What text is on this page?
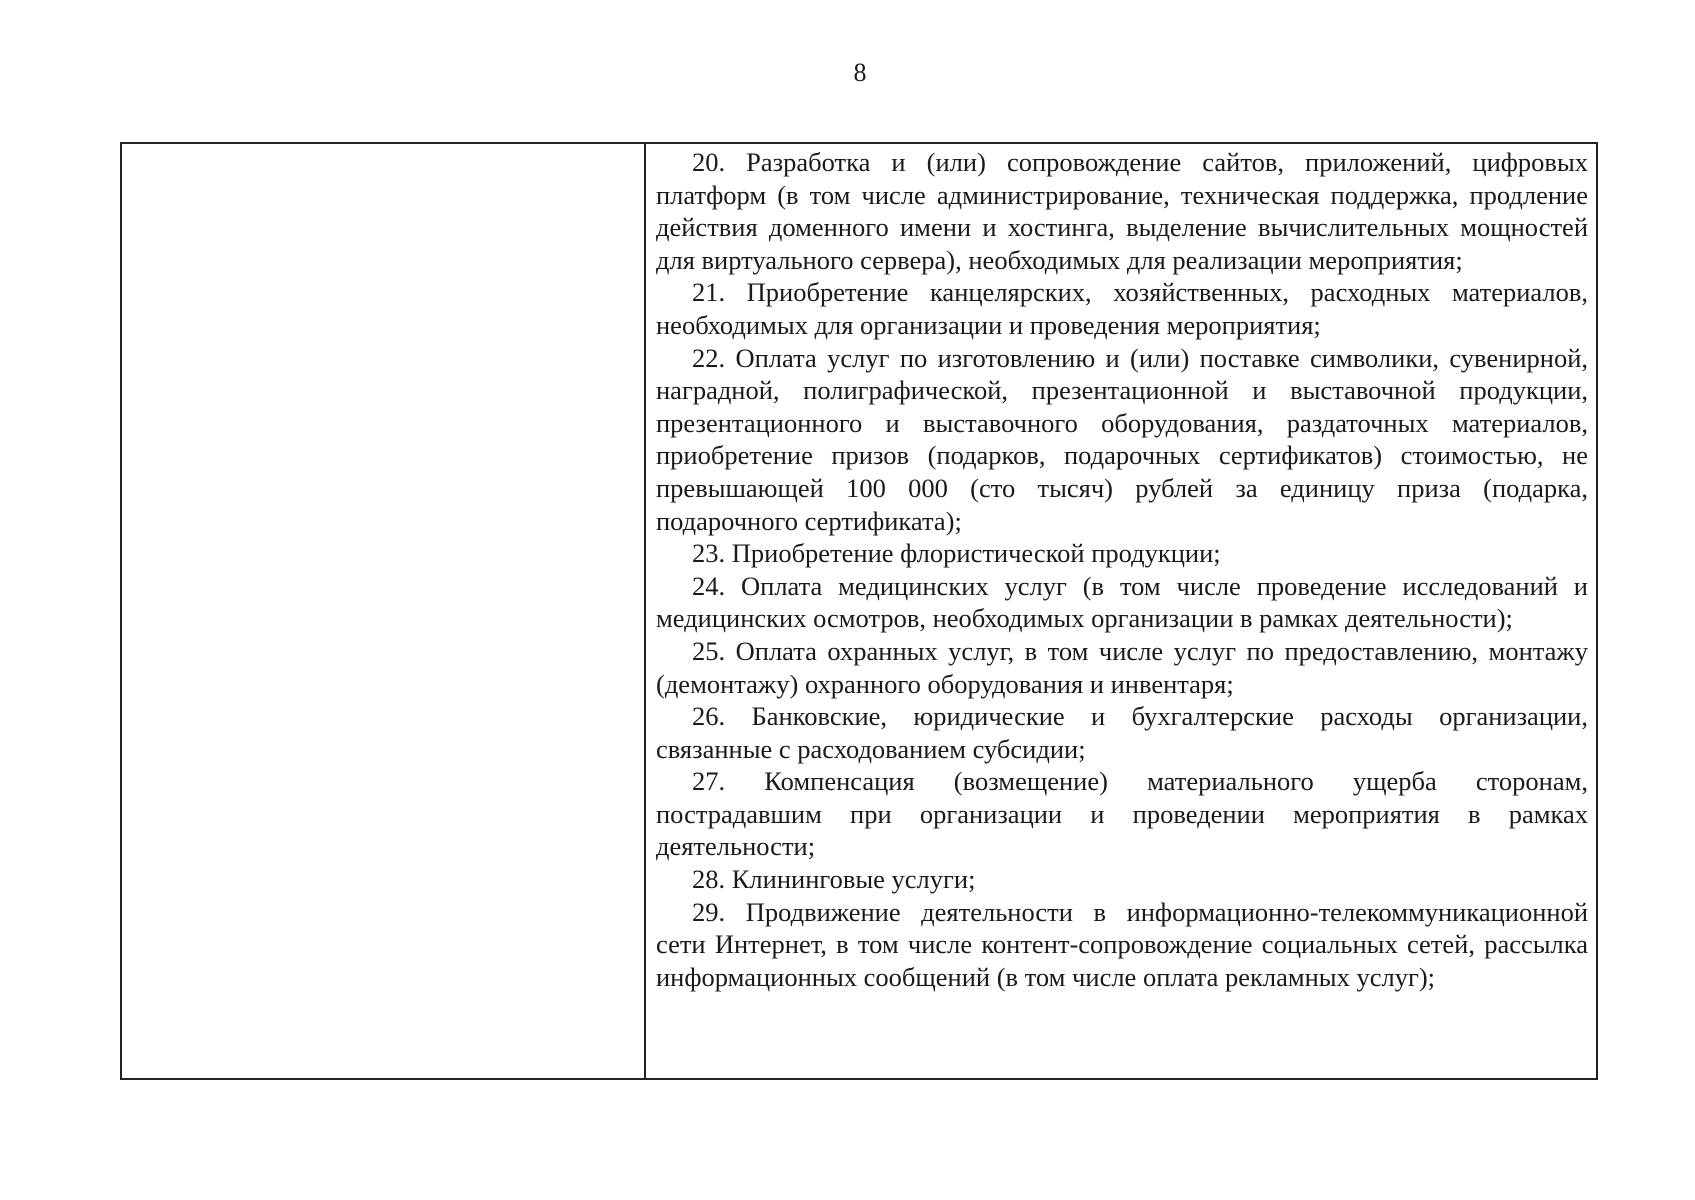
8

20. Разработка и (или) сопровождение сайтов, приложений, цифровых платформ (в том числе администрирование, техническая поддержка, продление действия доменного имени и хостинга, выделение вычислительных мощностей для виртуального сервера), необходимых для реализации мероприятия;

21. Приобретение канцелярских, хозяйственных, расходных материалов, необходимых для организации и проведения мероприятия;

22. Оплата услуг по изготовлению и (или) поставке символики, сувенирной, наградной, полиграфической, презентационной и выставочной продукции, презентационного и выставочного оборудования, раздаточных материалов, приобретение призов (подарков, подарочных сертификатов) стоимостью, не превышающей 100 000 (сто тысяч) рублей за единицу приза (подарка, подарочного сертификата);

23. Приобретение флористической продукции;

24. Оплата медицинских услуг (в том числе проведение исследований и медицинских осмотров, необходимых организации в рамках деятельности);

25. Оплата охранных услуг, в том числе услуг по предоставлению, монтажу (демонтажу) охранного оборудования и инвентаря;

26. Банковские, юридические и бухгалтерские расходы организации, связанные с расходованием субсидии;

27. Компенсация (возмещение) материального ущерба сторонам, пострадавшим при организации и проведении мероприятия в рамках деятельности;

28. Клининговые услуги;

29. Продвижение деятельности в информационно-телекоммуникационной сети Интернет, в том числе контент-сопровождение социальных сетей, рассылка информационных сообщений (в том числе оплата рекламных услуг);
